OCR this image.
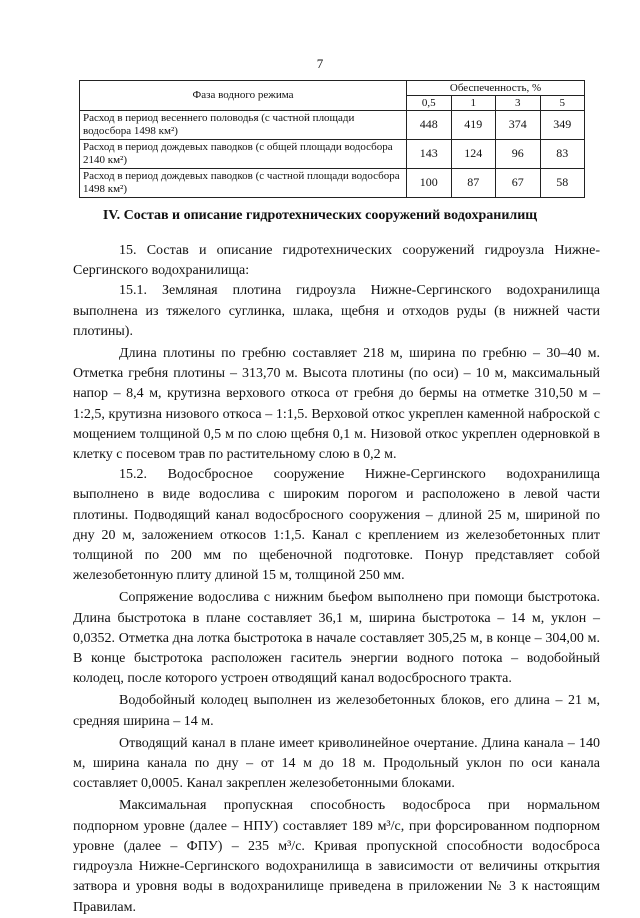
7
Фаза водного режима	Обеспеченность, %			
	0,5	1	3	5
Расход в период весеннего половодья (с частной площади водосбора 1498 км²)	448	419	374	349
Расход в период дождевых паводков (с общей площади водосбора 2140 км²)	143	124	96	83
Расход в период дождевых паводков (с частной площади водосбора 1498 км²)	100	87	67	58
IV. Состав и описание гидротехнических сооружений водохранилищ

15. Состав и описание гидротехнических сооружений гидроузла Нижне-Сергинского водохранилища:

15.1. Земляная плотина гидроузла Нижне-Сергинского водохранилища выполнена из тяжелого суглинка, шлака, щебня и отходов руды (в нижней части плотины).

Длина плотины по гребню составляет 218 м, ширина по гребню – 30–40 м. Отметка гребня плотины – 313,70 м. Высота плотины (по оси) – 10 м, максимальный напор – 8,4 м, крутизна верхового откоса от гребня до бермы на отметке 310,50 м – 1:2,5, крутизна низового откоса – 1:1,5. Верховой откос укреплен каменной наброской с мощением толщиной 0,5 м по слою щебня 0,1 м. Низовой откос укреплен одерновкой в клетку с посевом трав по растительному слою в 0,2 м.

15.2. Водосбросное сооружение Нижне-Сергинского водохранилища выполнено в виде водослива с широким порогом и расположено в левой части плотины. Подводящий канал водосбросного сооружения – длиной 25 м, шириной по дну 20 м, заложением откосов 1:1,5. Канал с креплением из железобетонных плит толщиной по 200 мм по щебеночной подготовке. Понур представляет собой железобетонную плиту длиной 15 м, толщиной 250 мм.

Сопряжение водослива с нижним бьефом выполнено при помощи быстротока. Длина быстротока в плане составляет 36,1 м, ширина быстротока – 14 м, уклон – 0,0352. Отметка дна лотка быстротока в начале составляет 305,25 м, в конце – 304,00 м. В конце быстротока расположен гаситель энергии водного потока – водобойный колодец, после которого устроен отводящий канал водосбросного тракта.

Водобойный колодец выполнен из железобетонных блоков, его длина – 21 м, средняя ширина – 14 м.

Отводящий канал в плане имеет криволинейное очертание. Длина канала – 140 м, ширина канала по дну – от 14 м до 18 м. Продольный уклон по оси канала составляет 0,0005. Канал закреплен железобетонными блоками.

Максимальная пропускная способность водосброса при нормальном подпорном уровне (далее – НПУ) составляет 189 м³/с, при форсированном подпорном уровне (далее – ФПУ) – 235 м³/с. Кривая пропускной способности водосброса гидроузла Нижне-Сергинского водохранилища в зависимости от величины открытия затвора и уровня воды в водохранилище приведена в приложении № 3 к настоящим Правилам.
